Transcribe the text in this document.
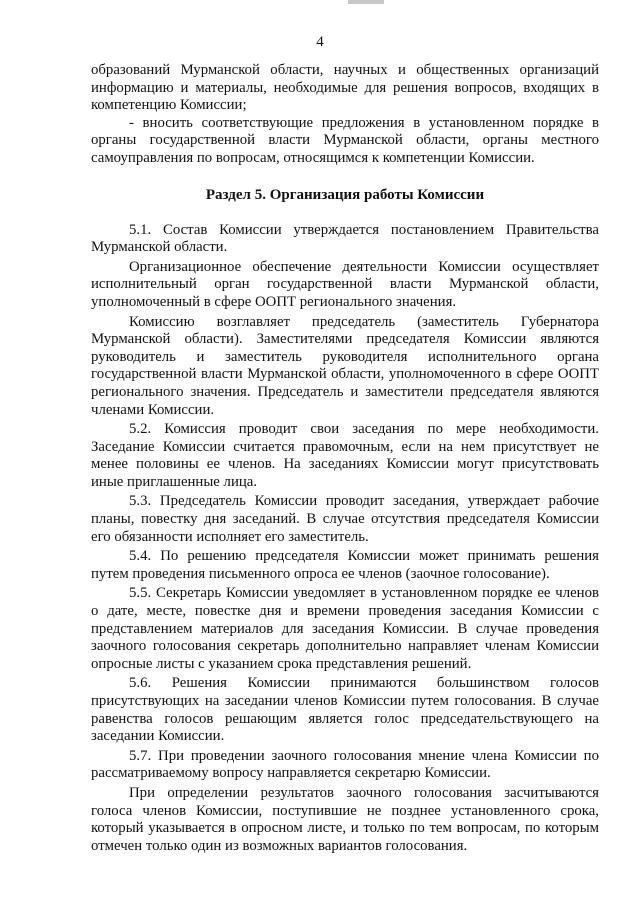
4

образований Мурманской области, научных и общественных организаций информацию и материалы, необходимые для решения вопросов, входящих в компетенцию Комиссии;

- вносить соответствующие предложения в установленном порядке в органы государственной власти Мурманской области, органы местного самоуправления по вопросам, относящимся к компетенции Комиссии.

Раздел 5. Организация работы Комиссии

5.1. Состав Комиссии утверждается постановлением Правительства Мурманской области.

Организационное обеспечение деятельности Комиссии осуществляет исполнительный орган государственной власти Мурманской области, уполномоченный в сфере ООПТ регионального значения.

Комиссию возглавляет председатель (заместитель Губернатора Мурманской области). Заместителями председателя Комиссии являются руководитель и заместитель руководителя исполнительного органа государственной власти Мурманской области, уполномоченного в сфере ООПТ регионального значения. Председатель и заместители председателя являются членами Комиссии.

5.2. Комиссия проводит свои заседания по мере необходимости. Заседание Комиссии считается правомочным, если на нем присутствует не менее половины ее членов. На заседаниях Комиссии могут присутствовать иные приглашенные лица.

5.3. Председатель Комиссии проводит заседания, утверждает рабочие планы, повестку дня заседаний. В случае отсутствия председателя Комиссии его обязанности исполняет его заместитель.

5.4. По решению председателя Комиссии может принимать решения путем проведения письменного опроса ее членов (заочное голосование).

5.5. Секретарь Комиссии уведомляет в установленном порядке ее членов о дате, месте, повестке дня и времени проведения заседания Комиссии с представлением материалов для заседания Комиссии. В случае проведения заочного голосования секретарь дополнительно направляет членам Комиссии опросные листы с указанием срока представления решений.

5.6. Решения Комиссии принимаются большинством голосов присутствующих на заседании членов Комиссии путем голосования. В случае равенства голосов решающим является голос председательствующего на заседании Комиссии.

5.7. При проведении заочного голосования мнение члена Комиссии по рассматриваемому вопросу направляется секретарю Комиссии.

При определении результатов заочного голосования засчитываются голоса членов Комиссии, поступившие не позднее установленного срока, который указывается в опросном листе, и только по тем вопросам, по которым отмечен только один из возможных вариантов голосования.
